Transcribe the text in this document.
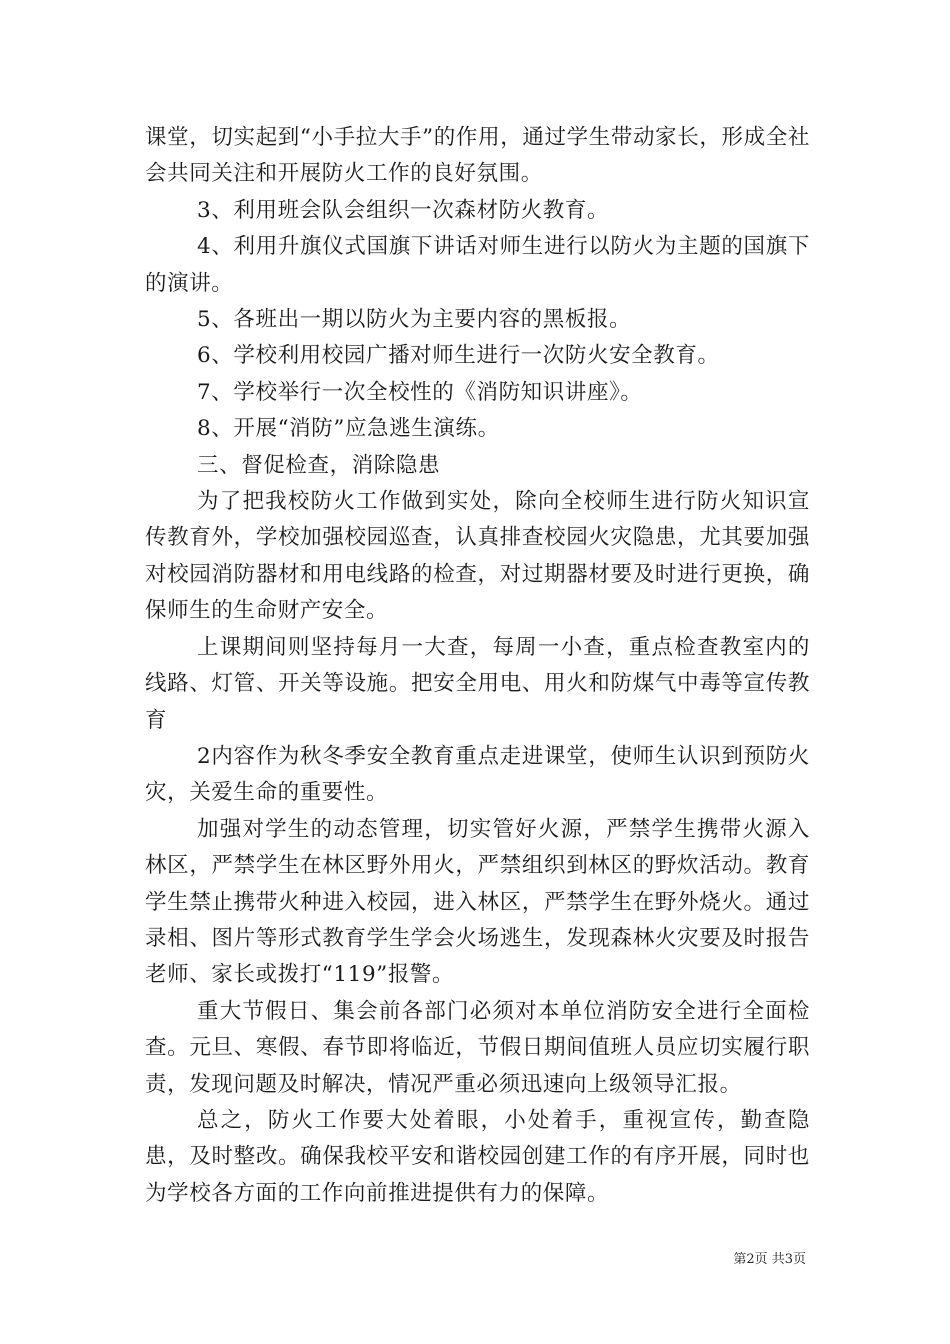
课堂，切实起到“小手拉大手”的作用，通过学生带动家长，形成全社会共同关注和开展防火工作的良好氛围。

3、利用班会队会组织一次森材防火教育。

4、利用升旗仪式国旗下讲话对师生进行以防火为主题的国旗下的演讲。

5、各班出一期以防火为主要内容的黑板报。

6、学校利用校园广播对师生进行一次防火安全教育。

7、学校举行一次全校性的《消防知识讲座》。

8、开展“消防”应急逃生演练。

三、督促检查，消除隐患

为了把我校防火工作做到实处，除向全校师生进行防火知识宣传教育外，学校加强校园巡查，认真排查校园火灾隐患，尤其要加强对校园消防器材和用电线路的检查，对过期器材要及时进行更换，确保师生的生命财产安全。

上课期间则坚持每月一大查，每周一小查，重点检查教室内的线路、灯管、开关等设施。把安全用电、用火和防煤气中毒等宣传教育

2内容作为秋冬季安全教育重点走进课堂，使师生认识到预防火灾，关爱生命的重要性。

加强对学生的动态管理，切实管好火源，严禁学生携带火源入林区，严禁学生在林区野外用火，严禁组织到林区的野炊活动。教育学生禁止携带火种进入校园，进入林区，严禁学生在野外烧火。通过录相、图片等形式教育学生学会火场逃生，发现森林火灾要及时报告老师、家长或拨打“119”报警。

重大节假日、集会前各部门必须对本单位消防安全进行全面检查。元旦、寒假、春节即将临近，节假日期间值班人员应切实履行职责，发现问题及时解决，情况严重必须迅速向上级领导汇报。

总之，防火工作要大处着眼，小处着手，重视宣传，勤查隐患，及时整改。确保我校平安和谐校园创建工作的有序开展，同时也为学校各方面的工作向前推进提供有力的保障。

第2页 共3页
